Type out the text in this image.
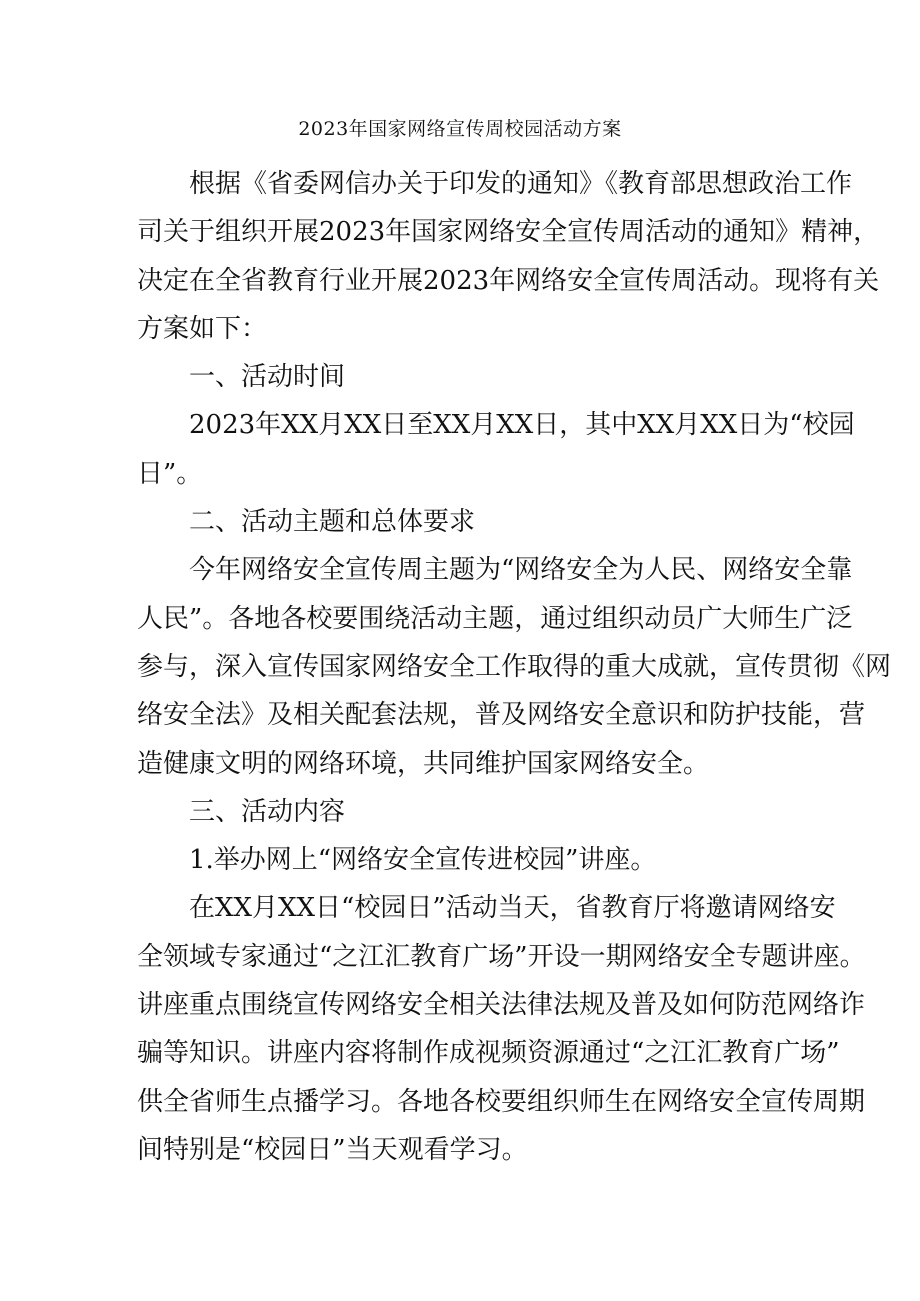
2023年国家网络宣传周校园活动方案
根据《省委网信办关于印发的通知》《教育部思想政治工作
司关于组织开展2023年国家网络安全宣传周活动的通知》精神，
决定在全省教育行业开展2023年网络安全宣传周活动。现将有关
方案如下：
一、活动时间
2023年XX月XX日至XX月XX日，其中XX月XX日为“校园
日”。
二、活动主题和总体要求
今年网络安全宣传周主题为“网络安全为人民、网络安全靠
人民”。各地各校要围绕活动主题，通过组织动员广大师生广泛
参与，深入宣传国家网络安全工作取得的重大成就，宣传贯彻《网
络安全法》及相关配套法规，普及网络安全意识和防护技能，营
造健康文明的网络环境，共同维护国家网络安全。
三、活动内容
1.举办网上“网络安全宣传进校园”讲座。
在XX月XX日“校园日”活动当天，省教育厅将邀请网络安
全领域专家通过“之江汇教育广场”开设一期网络安全专题讲座。
讲座重点围绕宣传网络安全相关法律法规及普及如何防范网络诈
骗等知识。讲座内容将制作成视频资源通过“之江汇教育广场”
供全省师生点播学习。各地各校要组织师生在网络安全宣传周期
间特别是“校园日”当天观看学习。
